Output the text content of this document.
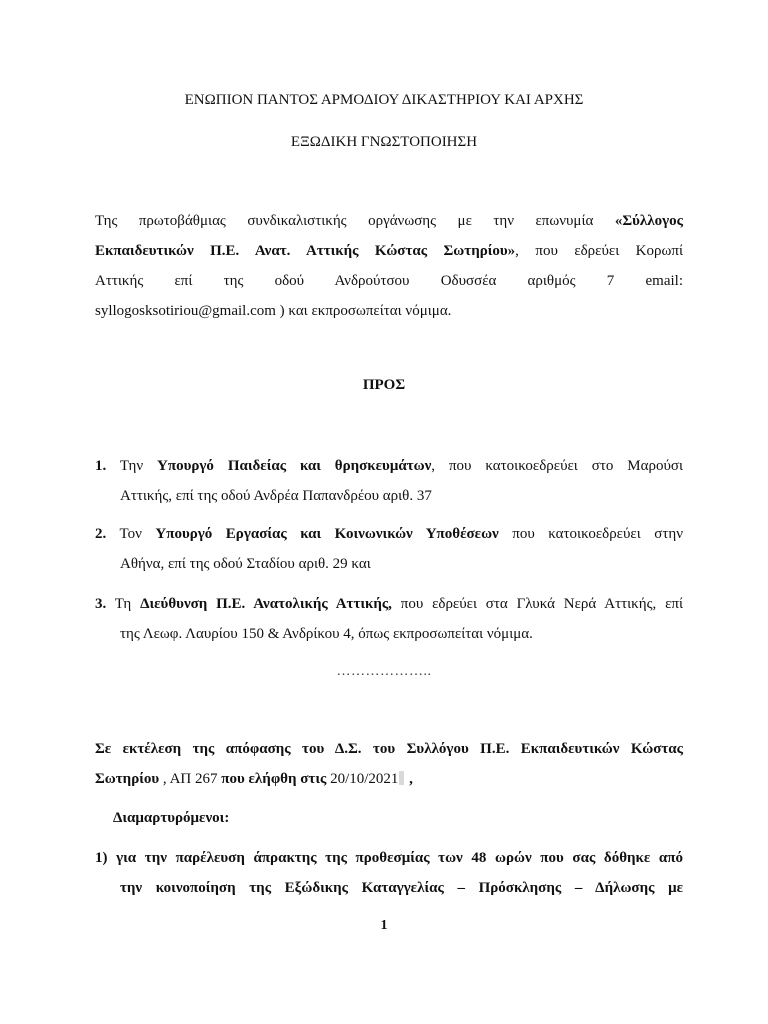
ΕΝΩΠΙΟΝ ΠΑΝΤΟΣ ΑΡΜΟΔΙΟΥ ΔΙΚΑΣΤΗΡΙΟΥ ΚΑΙ ΑΡΧΗΣ
ΕΞΩΔΙΚΗ ΓΝΩΣΤΟΠΟΙΗΣΗ
Της πρωτοβάθμιας συνδικαλιστικής οργάνωσης με την επωνυμία «Σύλλογος
Εκπαιδευτικών Π.Ε. Ανατ. Αττικής Κώστας Σωτηρίου», που εδρεύει Κορωπί
Αττικής επί της οδού Ανδρούτσου Οδυσσέα αριθμός 7 email:
syllogosksotiriou@gmail.com ) και εκπροσωπείται νόμιμα.
ΠΡΟΣ
1. Την Υπουργό Παιδείας και θρησκευμάτων, που κατοικοεδρεύει στο Μαρούσι
Αττικής, επί της οδού Ανδρέα Παπανδρέου αριθ. 37
2. Τον Υπουργό Εργασίας και Κοινωνικών Υποθέσεων που κατοικοεδρεύει στην
Αθήνα, επί της οδού Σταδίου αριθ. 29 και
3. Τη Διεύθυνση Π.Ε. Ανατολικής Αττικής, που εδρεύει στα Γλυκά Νερά Αττικής, επί
της Λεωφ. Λαυρίου 150 & Ανδρίκου 4, όπως εκπροσωπείται νόμιμα.
………………..
Σε εκτέλεση της απόφασης του Δ.Σ. του Συλλόγου Π.Ε. Εκπαιδευτικών Κώστας
Σωτηρίου , ΑΠ 267 που ελήφθη στις 20/10/2021 ,
Διαμαρτυρόμενοι:
1) για την παρέλευση άπρακτης της προθεσμίας των 48 ωρών που σας δόθηκε από
την κοινοποίηση της Εξώδικης Καταγγελίας – Πρόσκλησης – Δήλωσης με
1
